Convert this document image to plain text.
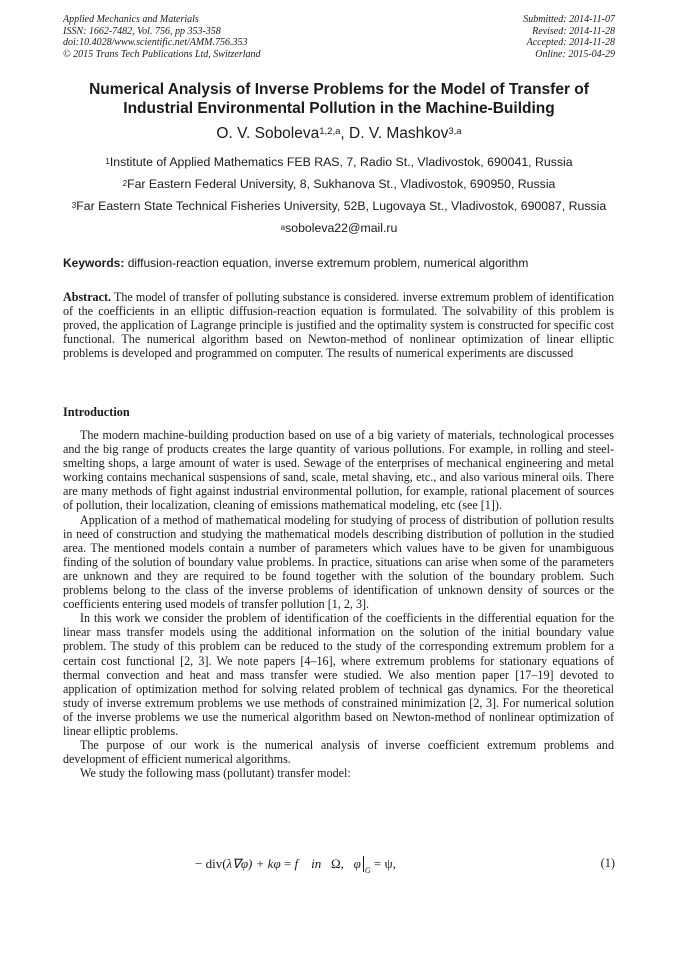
Applied Mechanics and Materials
ISSN: 1662-7482, Vol. 756, pp 353-358
doi:10.4028/www.scientific.net/AMM.756.353
© 2015 Trans Tech Publications Ltd, Switzerland
Submitted: 2014-11-07
Revised: 2014-11-28
Accepted: 2014-11-28
Online: 2015-04-29
Numerical Analysis of Inverse Problems for the Model of Transfer of
Industrial Environmental Pollution in the Machine-Building
O. V. Soboleva$^{1,2,a}$, D. V. Mashkov$^{3,a}$
$^1$Institute of Applied Mathematics FEB RAS, 7, Radio St., Vladivostok, 690041, Russia
$^2$Far Eastern Federal University, 8, Sukhanova St., Vladivostok, 690950, Russia
$^3$Far Eastern State Technical Fisheries University, 52B, Lugovaya St., Vladivostok, 690087, Russia
$^a$soboleva22@mail.ru
Keywords: diffusion-reaction equation, inverse extremum problem, numerical algorithm

Abstract. The model of transfer of polluting substance is considered. inverse extremum problem of identification of the coefficients in an elliptic diffusion-reaction equation is formulated. The solvability of this problem is proved, the application of Lagrange principle is justified and the optimality system is constructed for specific cost functional. The numerical algorithm based on Newton-method of nonlinear optimization of linear elliptic problems is developed and programmed on computer. The results of numerical experiments are discussed

Introduction

The modern machine-building production based on use of a big variety of materials, technological processes and the big range of products creates the large quantity of various pollutions. For example, in rolling and steel-smelting shops, a large amount of water is used. Sewage of the enterprises of mechanical engineering and metal working contains mechanical suspensions of sand, scale, metal shaving, etc., and also various mineral oils. There are many methods of fight against industrial environmental pollution, for example, rational placement of sources of pollution, their localization, cleaning of emissions mathematical modeling, etc (see [1]).

Application of a method of mathematical modeling for studying of process of distribution of pollution results in need of construction and studying the mathematical models describing distribution of pollution in the studied area. The mentioned models contain a number of parameters which values have to be given for unambiguous finding of the solution of boundary value problems. In practice, situations can arise when some of the parameters are unknown and they are required to be found together with the solution of the boundary problem. Such problems belong to the class of the inverse problems of identification of unknown density of sources or the coefficients entering used models of transfer pollution [1, 2, 3].

In this work we consider the problem of identification of the coefficients in the differential equation for the linear mass transfer models using the additional information on the solution of the initial boundary value problem. The study of this problem can be reduced to the study of the corresponding extremum problem for a certain cost functional [2, 3]. We note papers [4–16], where extremum problems for stationary equations of thermal convection and heat and mass transfer were studied. We also mention paper [17–19] devoted to application of optimization method for solving related problem of technical gas dynamics. For the theoretical study of inverse extremum problems we use methods of constrained minimization [2, 3]. For numerical solution of the inverse problems we use the numerical algorithm based on Newton-method of nonlinear optimization of linear elliptic problems.

The purpose of our work is the numerical analysis of inverse coefficient extremum problems and development of efficient numerical algorithms.

We study the following mass (pollutant) transfer model:

− div(λ∇φ) + kφ = f in Ω, φ $_G$ = ψ,	(1)
